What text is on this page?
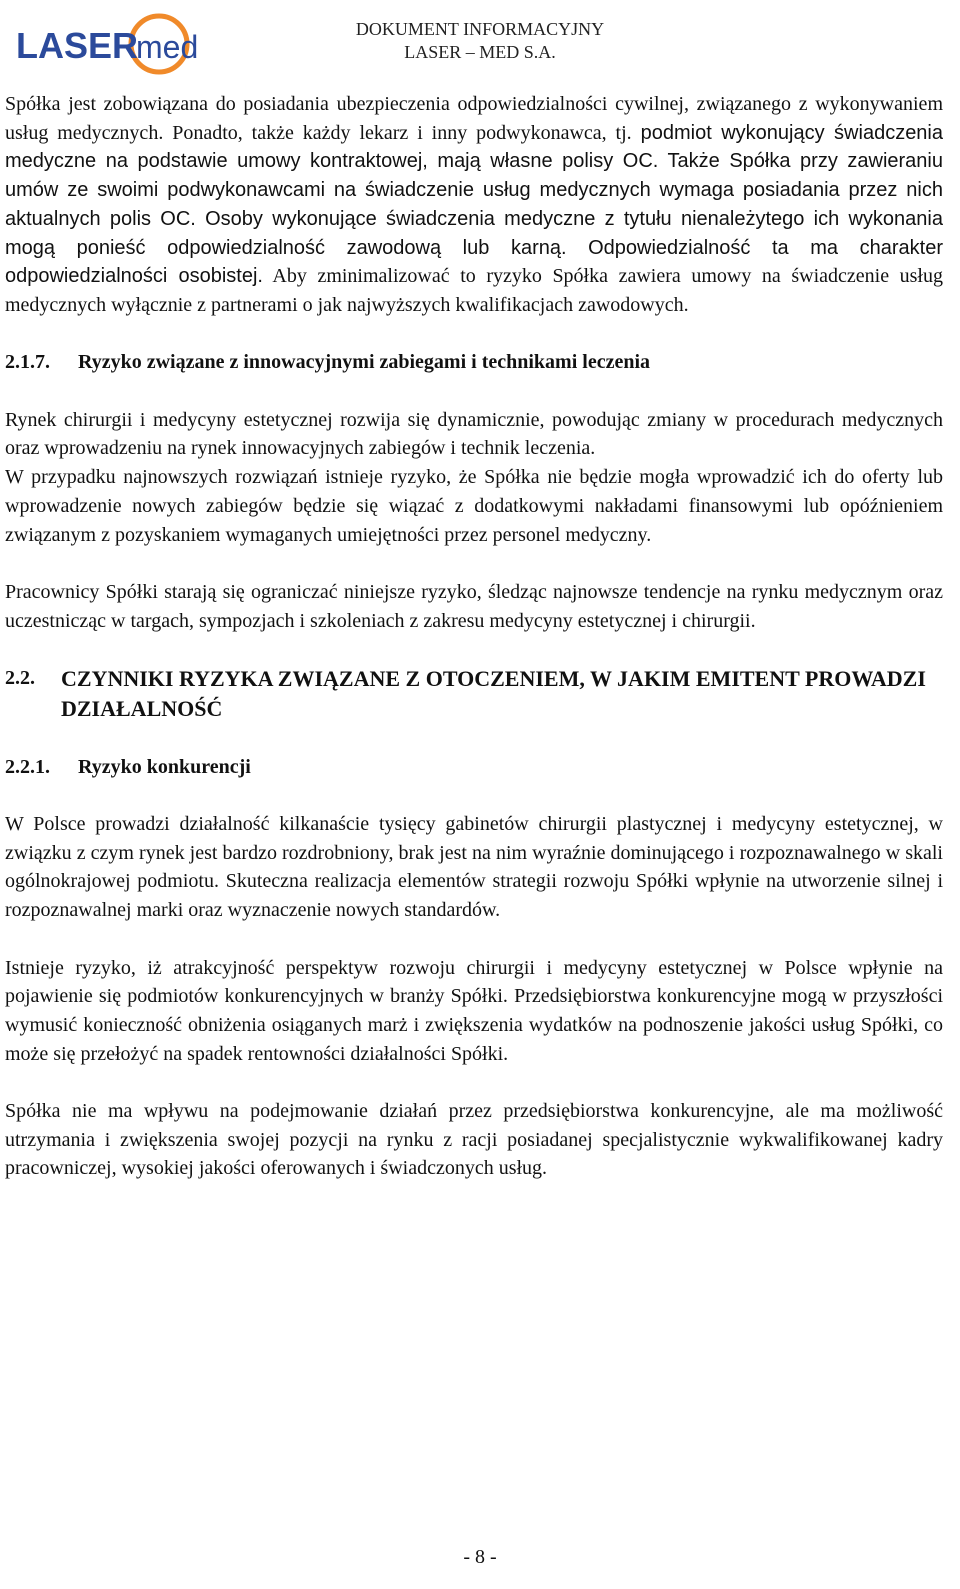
LASER
med	DOKUMENT INFORMACYJNY
LASER – MED S.A.

Spółka jest zobowiązana do posiadania ubezpieczenia odpowiedzialności cywilnej, związanego z wykonywaniem usług medycznych. Ponadto, także każdy lekarz i inny podwykonawca, tj. podmiot wykonujący świadczenia medyczne na podstawie umowy kontraktowej, mają własne polisy OC. Także Spółka przy zawieraniu umów ze swoimi podwykonawcami na świadczenie usług medycznych wymaga posiadania przez nich aktualnych polis OC. Osoby wykonujące świadczenia medyczne z tytułu nienależytego ich wykonania mogą ponieść odpowiedzialność zawodową lub karną. Odpowiedzialność ta ma charakter odpowiedzialności osobistej. Aby zminimalizować to ryzyko Spółka zawiera umowy na świadczenie usług medycznych wyłącznie z partnerami o jak najwyższych kwalifikacjach zawodowych.

2.1.7.	Ryzyko związane z innowacyjnymi zabiegami i technikami leczenia

Rynek chirurgii i medycyny estetycznej rozwija się dynamicznie, powodując zmiany w procedurach medycznych oraz wprowadzeniu na rynek innowacyjnych zabiegów i technik leczenia.

W przypadku najnowszych rozwiązań istnieje ryzyko, że Spółka nie będzie mogła wprowadzić ich do oferty lub wprowadzenie nowych zabiegów będzie się wiązać z dodatkowymi nakładami finansowymi lub opóźnieniem związanym z pozyskaniem wymaganych umiejętności przez personel medyczny.

Pracownicy Spółki starają się ograniczać niniejsze ryzyko, śledząc najnowsze tendencje na rynku medycznym oraz uczestnicząc w targach, sympozjach i szkoleniach z zakresu medycyny estetycznej i chirurgii.

2.2.	CZYNNIKI RYZYKA ZWIĄZANE Z OTOCZENIEM, W JAKIM EMITENT PROWADZI DZIAŁALNOŚĆ
2.2.1.	Ryzyko konkurencji

W Polsce prowadzi działalność kilkanaście tysięcy gabinetów chirurgii plastycznej i medycyny estetycznej, w związku z czym rynek jest bardzo rozdrobniony, brak jest na nim wyraźnie dominującego i rozpoznawalnego w skali ogólnokrajowej podmiotu. Skuteczna realizacja elementów strategii rozwoju Spółki wpłynie na utworzenie silnej i rozpoznawalnej marki oraz wyznaczenie nowych standardów.

Istnieje ryzyko, iż atrakcyjność perspektyw rozwoju chirurgii i medycyny estetycznej w Polsce wpłynie na pojawienie się podmiotów konkurencyjnych w branży Spółki. Przedsiębiorstwa konkurencyjne mogą w przyszłości wymusić konieczność obniżenia osiąganych marż i zwiększenia wydatków na podnoszenie jakości usług Spółki, co może się przełożyć na spadek rentowności działalności Spółki.

Spółka nie ma wpływu na podejmowanie działań przez przedsiębiorstwa konkurencyjne, ale ma możliwość utrzymania i zwiększenia swojej pozycji na rynku z racji posiadanej specjalistycznie wykwalifikowanej kadry pracowniczej, wysokiej jakości oferowanych i świadczonych usług.

- 8 -
